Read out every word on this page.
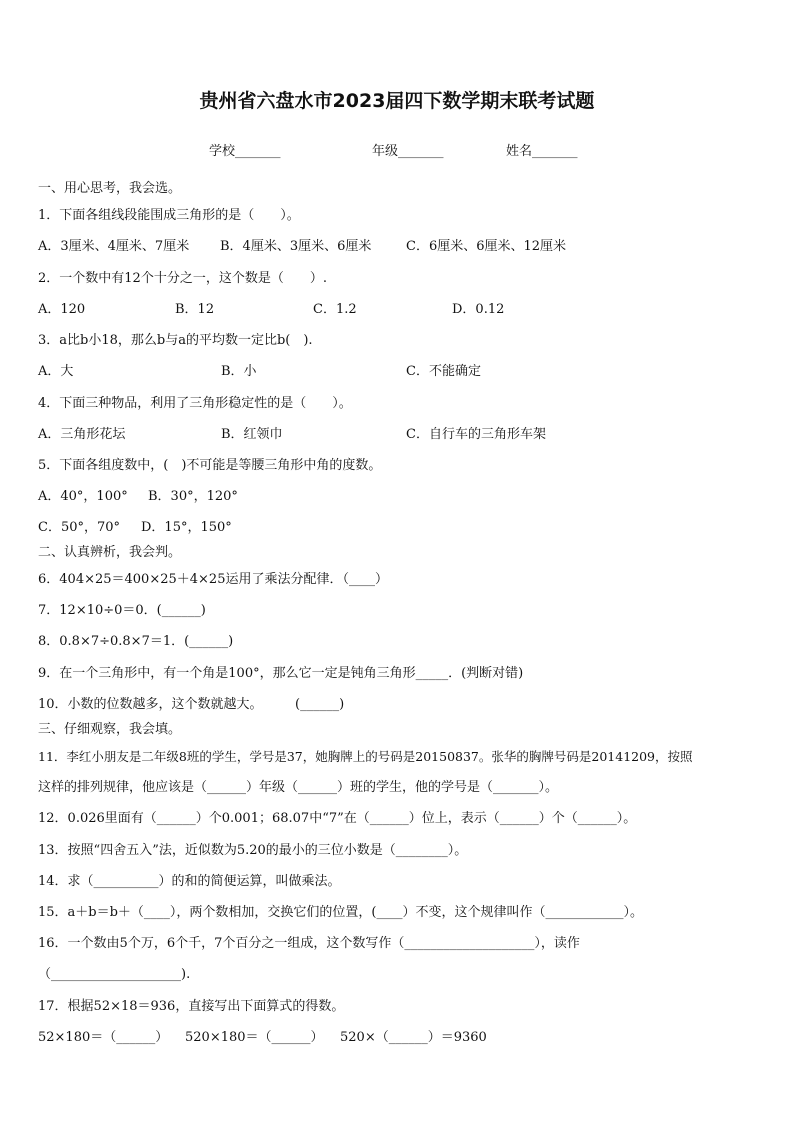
贵州省六盘水市2023届四下数学期末联考试题
学校_______	年级_______	姓名_______
一、用心思考，我会选。
1．下面各组线段能围成三角形的是（　　）。
A．3厘米、4厘米、7厘米 B．4厘米、3厘米、6厘米	C．6厘米、6厘米、12厘米
2．一个数中有12个十分之一，这个数是（　　）.
A．120	B．12	C．1.2	D．0.12
3．a比b小18，那么b与a的平均数一定比b(　).
A．大	B．小	C．不能确定
4．下面三种物品，利用了三角形稳定性的是（　　）。
A．三角形花坛	B．红领巾	C．自行车的三角形车架
5．下面各组度数中，(　)不可能是等腰三角形中角的度数。
A．40°，100° B．30°，120°
C．50°，70° D．15°，150°
二、认真辨析，我会判。
6．404×25＝400×25＋4×25运用了乘法分配律．（____）
7．12×10÷0＝0．(______)
8．0.8×7÷0.8×7＝1．(______)
9．在一个三角形中，有一个角是100°，那么它一定是钝角三角形_____．(判断对错)
10．小数的位数越多，这个数就越大。　　　(______)
三、仔细观察，我会填。
11．李红小朋友是二年级8班的学生，学号是37，她胸牌上的号码是20150837。张华的胸牌号码是20141209，按照
这样的排列规律，他应该是（______）年级（______）班的学生，他的学号是（_______）。
12．0.026里面有（______）个0.001；68.07中“7”在（______）位上，表示（______）个（______）。
13．按照“四舍五入”法，近似数为5.20的最小的三位小数是（________）。
14．求（__________）的和的简便运算，叫做乘法。
15．a＋b＝b＋（____），两个数相加，交换它们的位置，(____）不变，这个规律叫作（____________）。
16．一个数由5个万，6个千，7个百分之一组成，这个数写作（____________________），读作
（____________________).
17．根据52×18＝936，直接写出下面算式的得数。
52×180＝（______） 520×180＝（______） 520×（______）＝9360
